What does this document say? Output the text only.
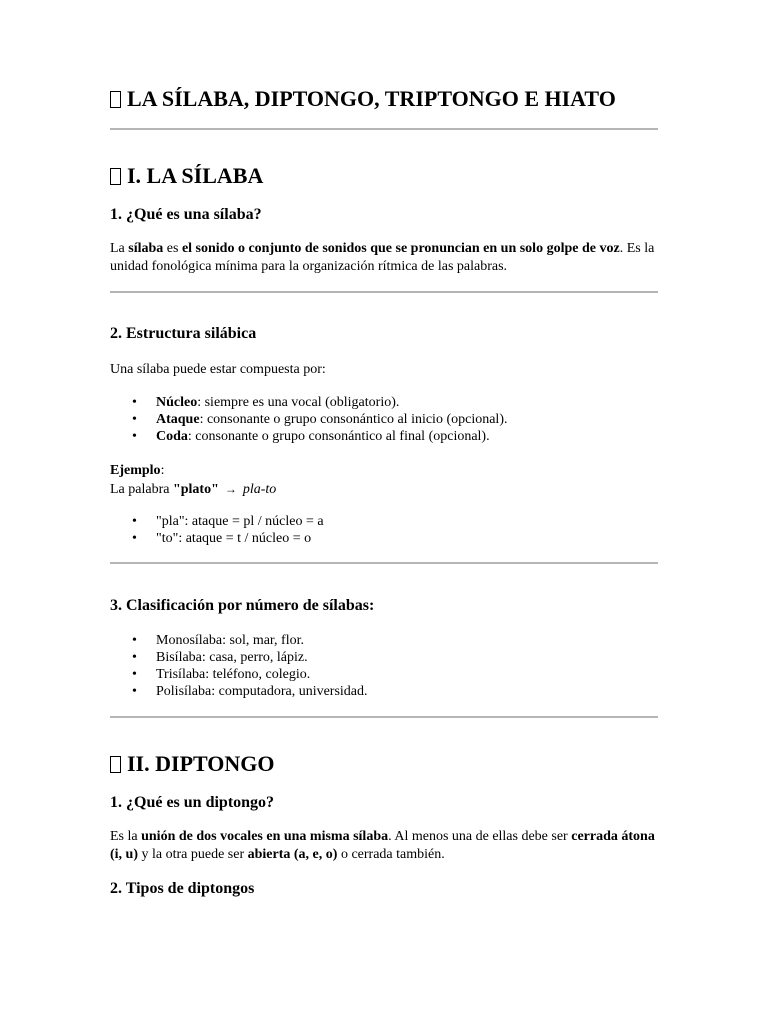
LA SÍLABA, DIPTONGO, TRIPTONGO E HIATO
I. LA SÍLABA
1. ¿Qué es una sílaba?

La sílaba es el sonido o conjunto de sonidos que se pronuncian en un solo golpe de voz. Es la unidad fonológica mínima para la organización rítmica de las palabras.

2. Estructura silábica

Una sílaba puede estar compuesta por:

• Núcleo: siempre es una vocal (obligatorio).
• Ataque: consonante o grupo consonántico al inicio (opcional).
• Coda: consonante o grupo consonántico al final (opcional).

Ejemplo:
La palabra "plato" → pla-to

• "pla": ataque = pl / núcleo = a
• "to": ataque = t / núcleo = o
3. Clasificación por número de sílabas:
• Monosílaba: sol, mar, flor.
• Bisílaba: casa, perro, lápiz.
• Trisílaba: teléfono, colegio.
• Polisílaba: computadora, universidad.
II. DIPTONGO
1. ¿Qué es un diptongo?

Es la unión de dos vocales en una misma sílaba. Al menos una de ellas debe ser cerrada átona (i, u) y la otra puede ser abierta (a, e, o) o cerrada también.

2. Tipos de diptongos
